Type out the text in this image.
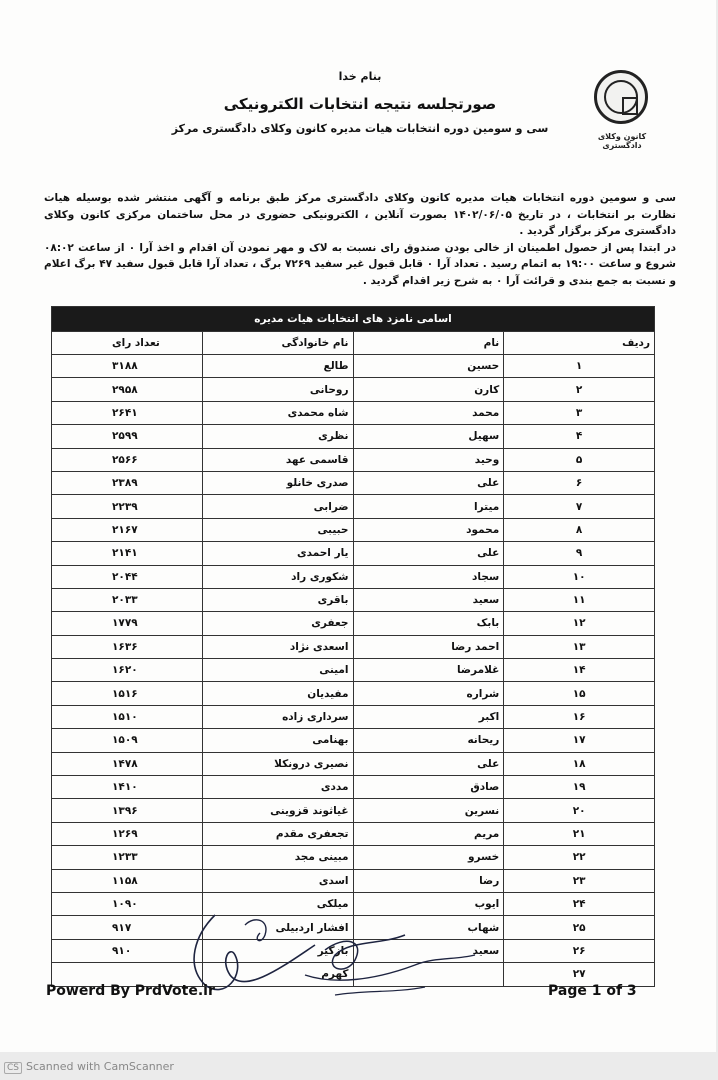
کانون وکلای دادگستری
بنام خدا
صورتجلسه نتیجه انتخابات الکترونیکی
سی و سومین دوره انتخابات هیات مدیره کانون وکلای دادگستری مرکز

سی و سومین دوره انتخابات هیات مدیره کانون وکلای دادگستری مرکز طبق برنامه و آگهی منتشر شده بوسیله هیات نظارت بر انتخابات ، در تاریخ ۱۴۰۲/۰۶/۰۵ بصورت آنلاین ، الکترونیکی حضوری در محل ساختمان مرکزی کانون وکلای دادگستری مرکز برگزار گردید .

در ابتدا پس از حصول اطمینان از خالی بودن صندوق رای نسبت به لاک و مهر نمودن آن اقدام و اخذ آرا ۰ از ساعت ۰۸:۰۲ شروع و ساعت ۱۹:۰۰ به اتمام رسید . تعداد آرا ۰ قابل قبول غیر سفید ۷۲۶۹ برگ ، تعداد آرا قابل قبول سفید ۴۷ برگ اعلام و نسبت به جمع بندی و قرائت آرا ۰ به شرح زیر اقدام گردید .

اسامی نامزد های انتخابات هیات مدیره			
ردیف	نام	نام خانوادگی	تعداد رای
۱	حسین	طالع	۳۱۸۸
۲	کارن	روحانی	۲۹۵۸
۳	محمد	شاه محمدی	۲۶۴۱
۴	سهیل	نظری	۲۵۹۹
۵	وحید	قاسمی عهد	۲۵۶۶
۶	علی	صدری خانلو	۲۳۸۹
۷	میترا	ضرابی	۲۲۳۹
۸	محمود	حبیبی	۲۱۶۷
۹	علی	یار احمدی	۲۱۴۱
۱۰	سجاد	شکوری راد	۲۰۴۴
۱۱	سعید	باقری	۲۰۳۳
۱۲	بابک	جعفری	۱۷۷۹
۱۳	احمد رضا	اسعدی نژاد	۱۶۳۶
۱۴	غلامرضا	امینی	۱۶۲۰
۱۵	شراره	مفیدیان	۱۵۱۶
۱۶	اکبر	سرداری زاده	۱۵۱۰
۱۷	ریحانه	بهنامی	۱۵۰۹
۱۸	علی	نصیری درونکلا	۱۴۷۸
۱۹	صادق	مددی	۱۴۱۰
۲۰	نسرین	غیاثوند قزوینی	۱۳۹۶
۲۱	مریم	تجعفری مقدم	۱۲۶۹
۲۲	خسرو	مبینی مجد	۱۲۳۳
۲۳	رضا	اسدی	۱۱۵۸
۲۴	ایوب	میلکی	۱۰۹۰
۲۵	شهاب	افشار اردبیلی	۹۱۷
۲۶	سعید	بازگیر	۹۱۰
۲۷		کهرم	
Powerd By PrdVote.ir	Page 1 of 3
CS Scanned with CamScanner
